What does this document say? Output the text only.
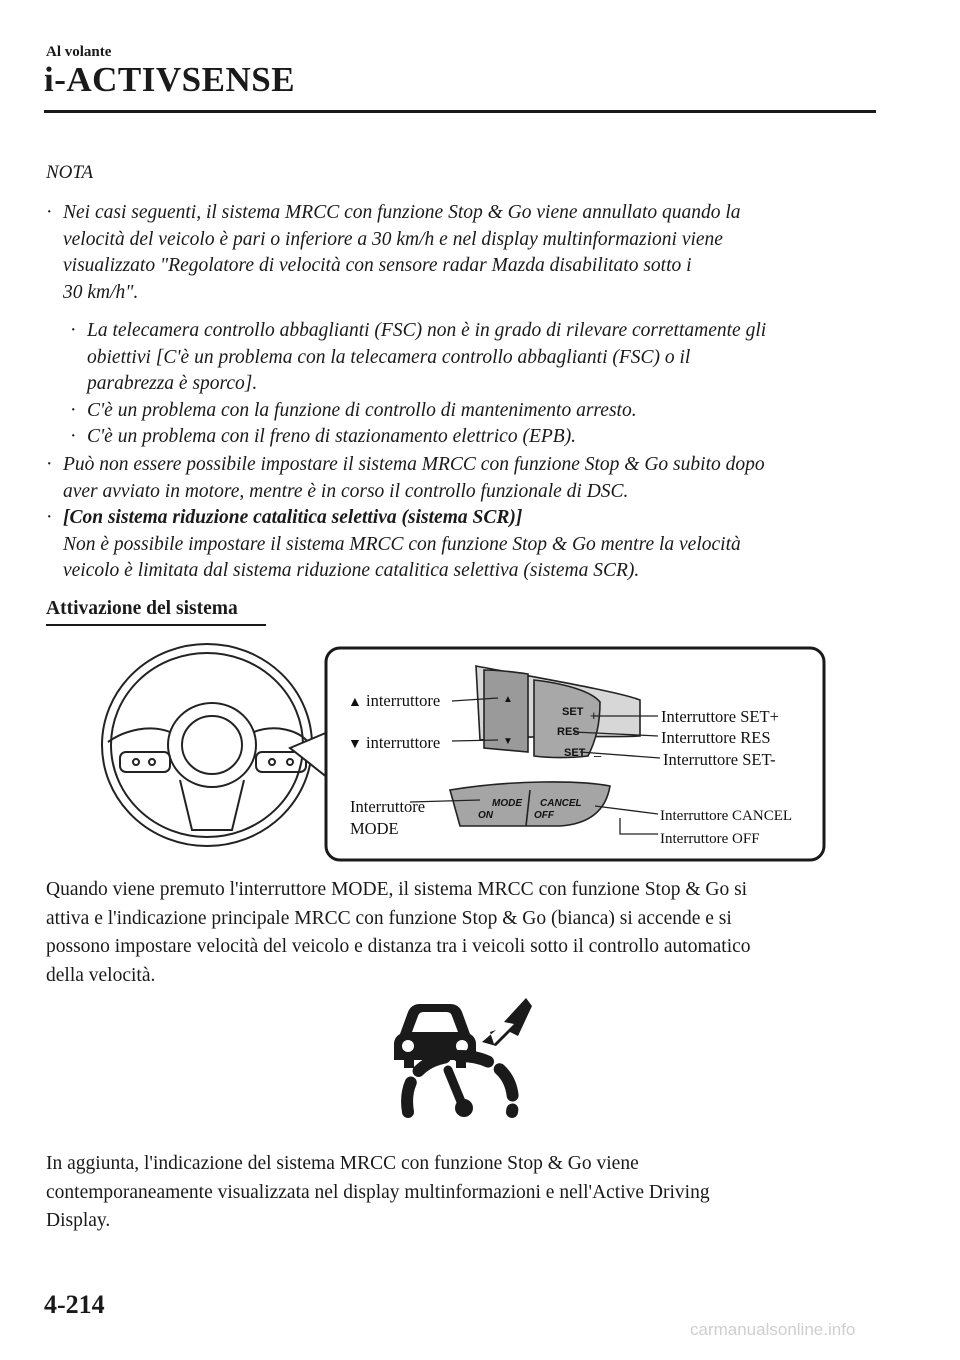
Al volante
i-ACTIVSENSE
NOTA
· Nei casi seguenti, il sistema MRCC con funzione Stop & Go viene annullato quando la
velocità del veicolo è pari o inferiore a 30 km/h e nel display multinformazioni viene
visualizzato "Regolatore di velocità con sensore radar Mazda disabilitato sotto i
30 km/h".
· La telecamera controllo abbaglianti (FSC) non è in grado di rilevare correttamente gli
obiettivi [C'è un problema con la telecamera controllo abbaglianti (FSC) o il
parabrezza è sporco].
· C'è un problema con la funzione di controllo di mantenimento arresto.
· C'è un problema con il freno di stazionamento elettrico (EPB).
· Può non essere possibile impostare il sistema MRCC con funzione Stop & Go subito dopo
aver avviato in motore, mentre è in corso il controllo funzionale di DSC.
· [Con sistema riduzione catalitica selettiva (sistema SCR)]
Non è possibile impostare il sistema MRCC con funzione Stop & Go mentre la velocità
veicolo è limitata dal sistema riduzione catalitica selettiva (sistema SCR).
Attivazione del sistema
SET +
RES
SET –
MODE
ON
CANCEL
OFF
▲
▼
▲ interruttore
▼ interruttore
Interruttore
MODE
Interruttore SET+
Interruttore RES
Interruttore SET-
Interruttore CANCEL
Interruttore OFF
Quando viene premuto l'interruttore MODE, il sistema MRCC con funzione Stop & Go si
attiva e l'indicazione principale MRCC con funzione Stop & Go (bianca) si accende e si
possono impostare velocità del veicolo e distanza tra i veicoli sotto il controllo automatico
della velocità.
In aggiunta, l'indicazione del sistema MRCC con funzione Stop & Go viene
contemporaneamente visualizzata nel display multinformazioni e nell'Active Driving
Display.
4-214
carmanualsonline.info
